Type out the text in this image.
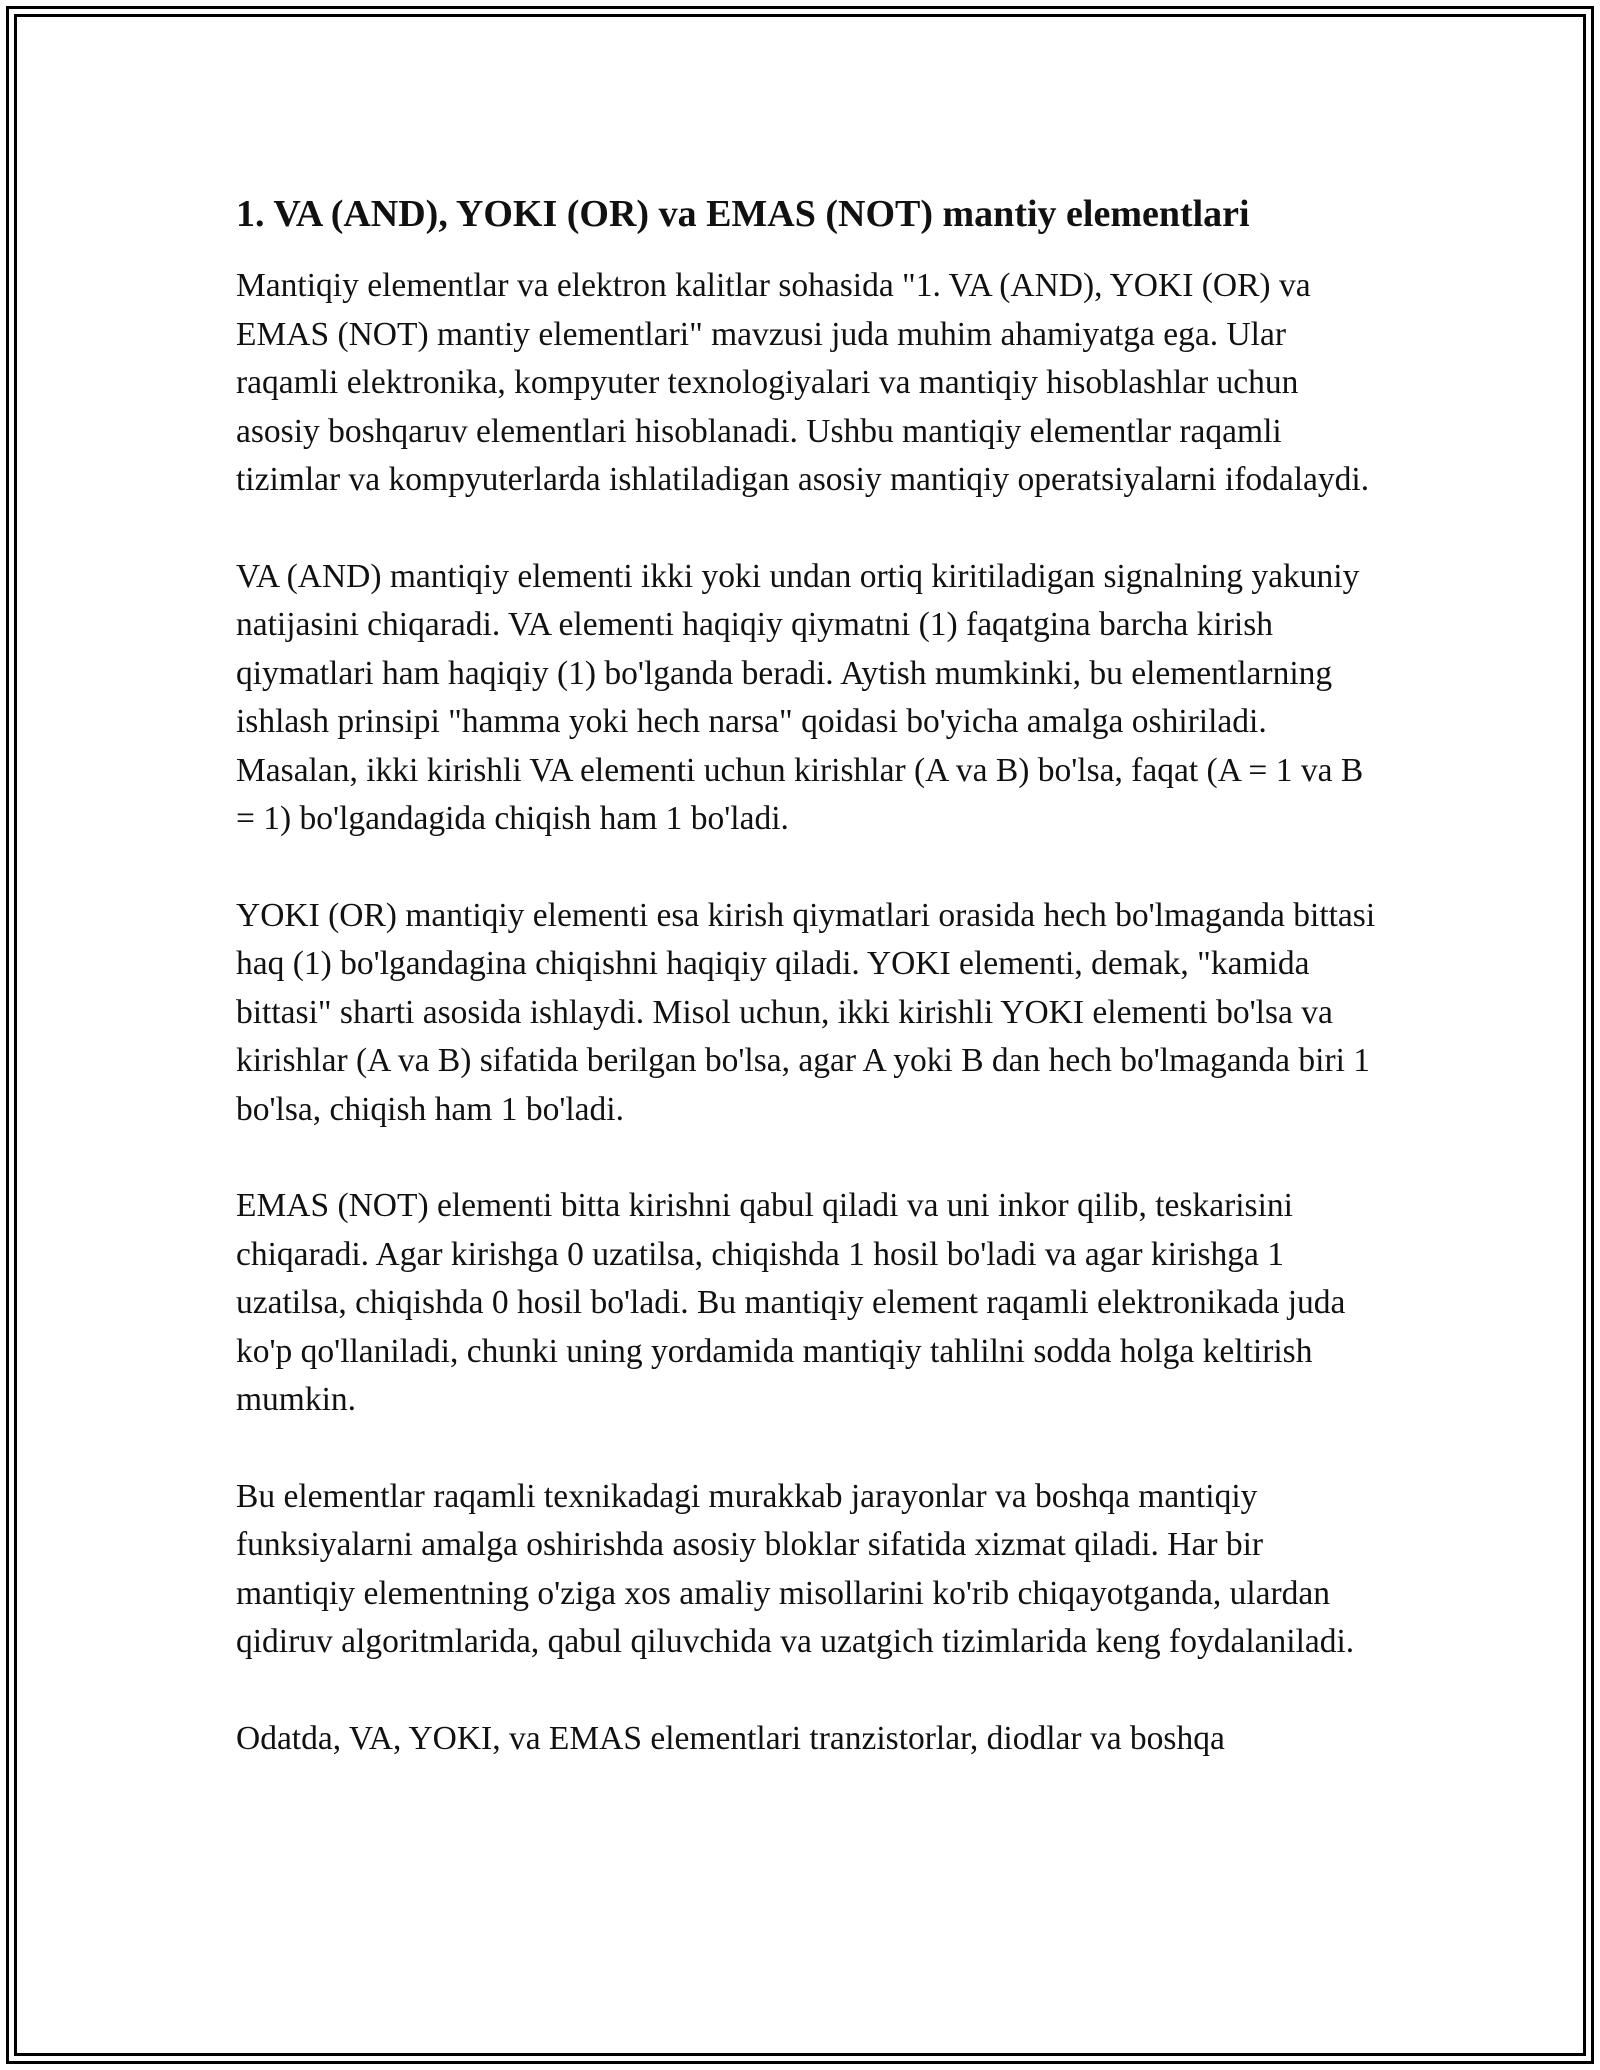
1. VA (AND), YOKI (OR) va EMAS (NOT) mantiy elementlari

Mantiqiy elementlar va elektron kalitlar sohasida "1. VA (AND), YOKI (OR) va EMAS (NOT) mantiy elementlari" mavzusi juda muhim ahamiyatga ega. Ular raqamli elektronika, kompyuter texnologiyalari va mantiqiy hisoblashlar uchun asosiy boshqaruv elementlari hisoblanadi. Ushbu mantiqiy elementlar raqamli tizimlar va kompyuterlarda ishlatiladigan asosiy mantiqiy operatsiyalarni ifodalaydi.

VA (AND) mantiqiy elementi ikki yoki undan ortiq kiritiladigan signalning yakuniy natijasini chiqaradi. VA elementi haqiqiy qiymatni (1) faqatgina barcha kirish qiymatlari ham haqiqiy (1) bo'lganda beradi. Aytish mumkinki, bu elementlarning ishlash prinsipi "hamma yoki hech narsa" qoidasi bo'yicha amalga oshiriladi. Masalan, ikki kirishli VA elementi uchun kirishlar (A va B) bo'lsa, faqat (A = 1 va B = 1) bo'lgandagida chiqish ham 1 bo'ladi.

YOKI (OR) mantiqiy elementi esa kirish qiymatlari orasida hech bo'lmaganda bittasi haq (1) bo'lgandagina chiqishni haqiqiy qiladi. YOKI elementi, demak, "kamida bittasi" sharti asosida ishlaydi. Misol uchun, ikki kirishli YOKI elementi bo'lsa va kirishlar (A va B) sifatida berilgan bo'lsa, agar A yoki B dan hech bo'lmaganda biri 1 bo'lsa, chiqish ham 1 bo'ladi.

EMAS (NOT) elementi bitta kirishni qabul qiladi va uni inkor qilib, teskarisini chiqaradi. Agar kirishga 0 uzatilsa, chiqishda 1 hosil bo'ladi va agar kirishga 1 uzatilsa, chiqishda 0 hosil bo'ladi. Bu mantiqiy element raqamli elektronikada juda ko'p qo'llaniladi, chunki uning yordamida mantiqiy tahlilni sodda holga keltirish mumkin.

Bu elementlar raqamli texnikadagi murakkab jarayonlar va boshqa mantiqiy funksiyalarni amalga oshirishda asosiy bloklar sifatida xizmat qiladi. Har bir mantiqiy elementning o'ziga xos amaliy misollarini ko'rib chiqayotganda, ulardan qidiruv algoritmlarida, qabul qiluvchida va uzatgich tizimlarida keng foydalaniladi.

Odatda, VA, YOKI, va EMAS elementlari tranzistorlar, diodlar va boshqa
